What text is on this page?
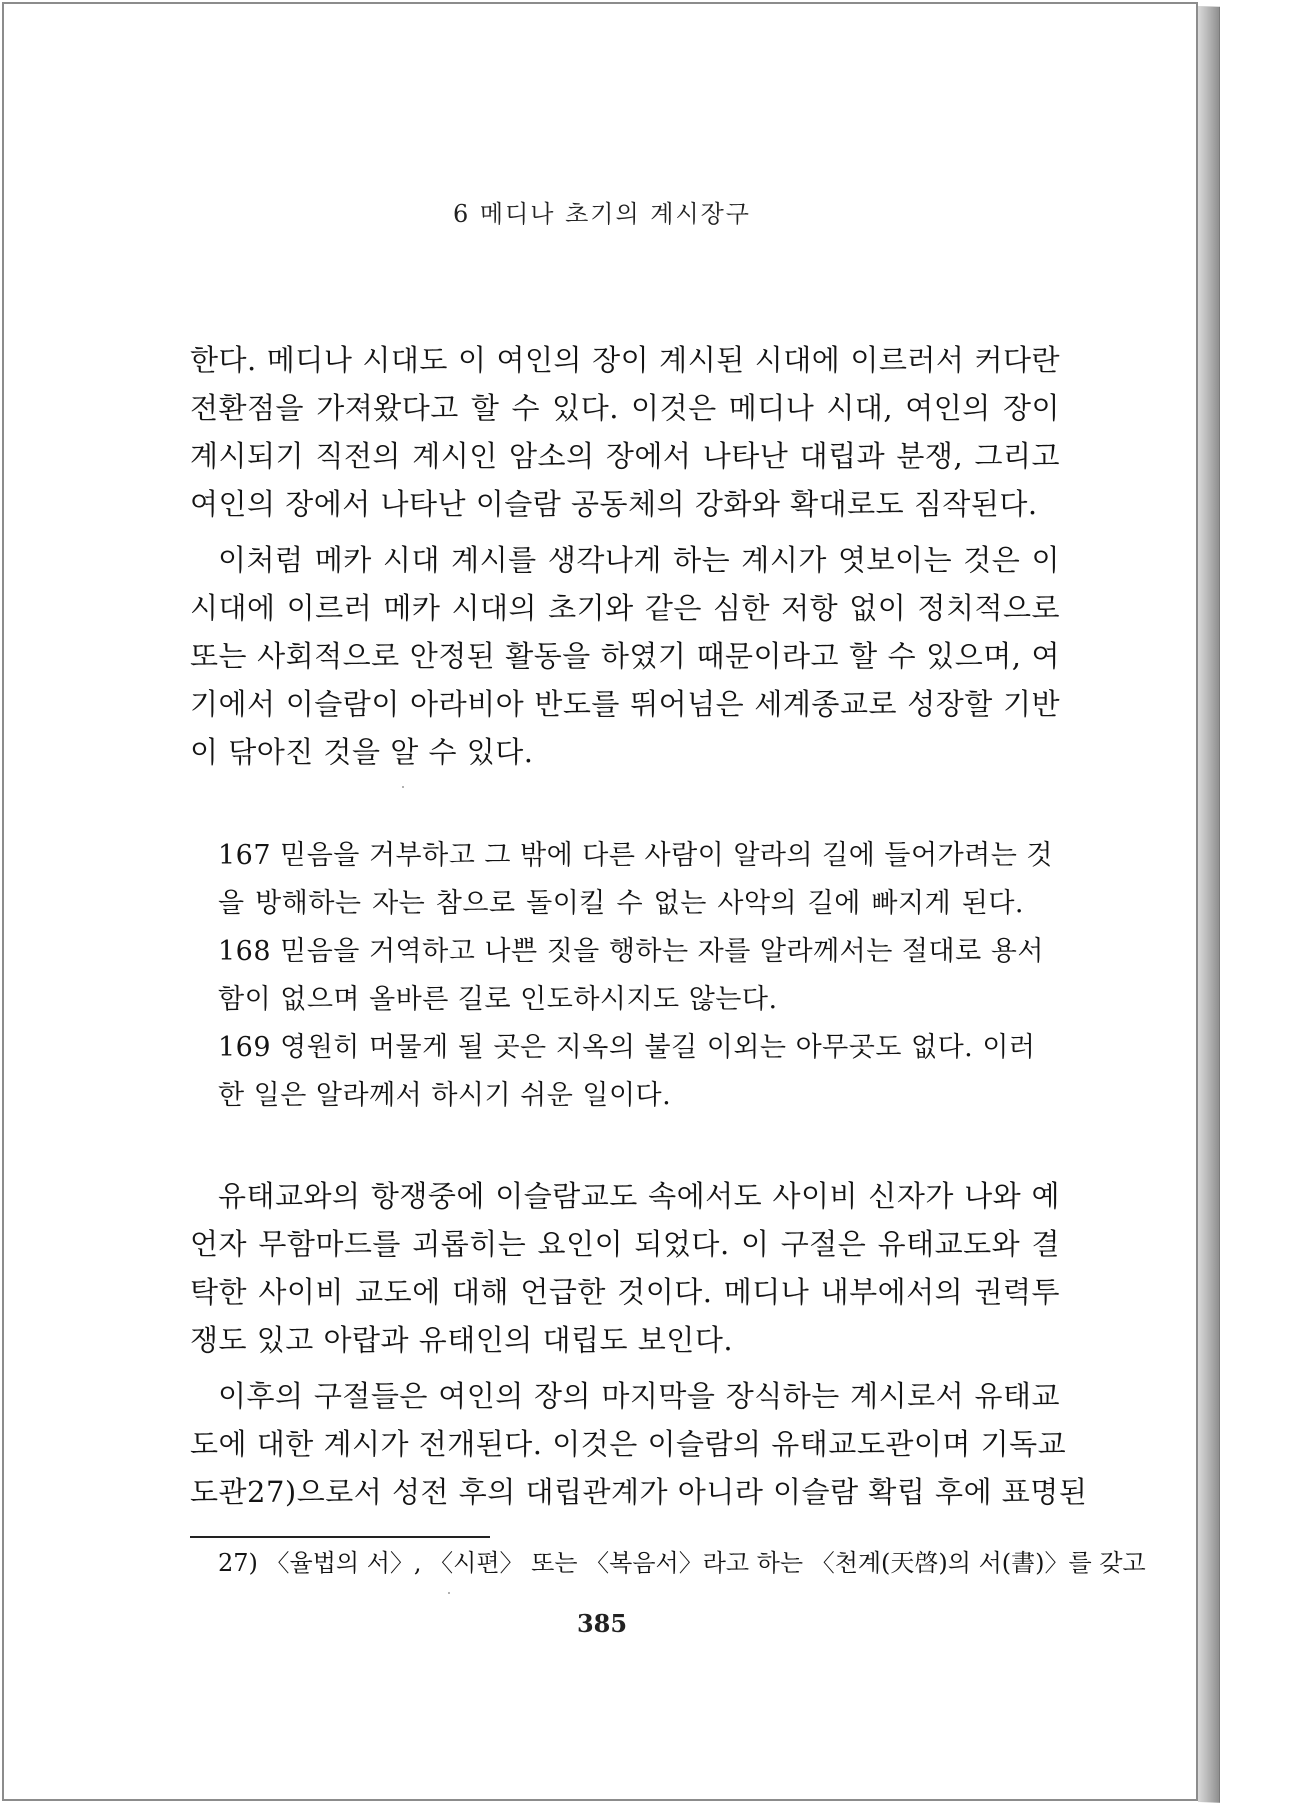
6 메디나 초기의 계시장구
한다. 메디나 시대도 이 여인의 장이 계시된 시대에 이르러서 커다란
전환점을 가져왔다고 할 수 있다. 이것은 메디나 시대, 여인의 장이
계시되기 직전의 계시인 암소의 장에서 나타난 대립과 분쟁, 그리고
여인의 장에서 나타난 이슬람 공동체의 강화와 확대로도 짐작된다.
이처럼 메카 시대 계시를 생각나게 하는 계시가 엿보이는 것은 이
시대에 이르러 메카 시대의 초기와 같은 심한 저항 없이 정치적으로
또는 사회적으로 안정된 활동을 하였기 때문이라고 할 수 있으며, 여
기에서 이슬람이 아라비아 반도를 뛰어넘은 세계종교로 성장할 기반
이 닦아진 것을 알 수 있다.
167 믿음을 거부하고 그 밖에 다른 사람이 알라의 길에 들어가려는 것
을 방해하는 자는 참으로 돌이킬 수 없는 사악의 길에 빠지게 된다.
168 믿음을 거역하고 나쁜 짓을 행하는 자를 알라께서는 절대로 용서
함이 없으며 올바른 길로 인도하시지도 않는다.
169 영원히 머물게 될 곳은 지옥의 불길 이외는 아무곳도 없다. 이러
한 일은 알라께서 하시기 쉬운 일이다.
유태교와의 항쟁중에 이슬람교도 속에서도 사이비 신자가 나와 예
언자 무함마드를 괴롭히는 요인이 되었다. 이 구절은 유태교도와 결
탁한 사이비 교도에 대해 언급한 것이다. 메디나 내부에서의 권력투
쟁도 있고 아랍과 유태인의 대립도 보인다.
이후의 구절들은 여인의 장의 마지막을 장식하는 계시로서 유태교
도에 대한 계시가 전개된다. 이것은 이슬람의 유태교도관이며 기독교
도관27)으로서 성전 후의 대립관계가 아니라 이슬람 확립 후에 표명된
27) 〈율법의 서〉, 〈시편〉 또는 〈복음서〉라고 하는 〈천계(天啓)의 서(書)〉를 갖고
385
